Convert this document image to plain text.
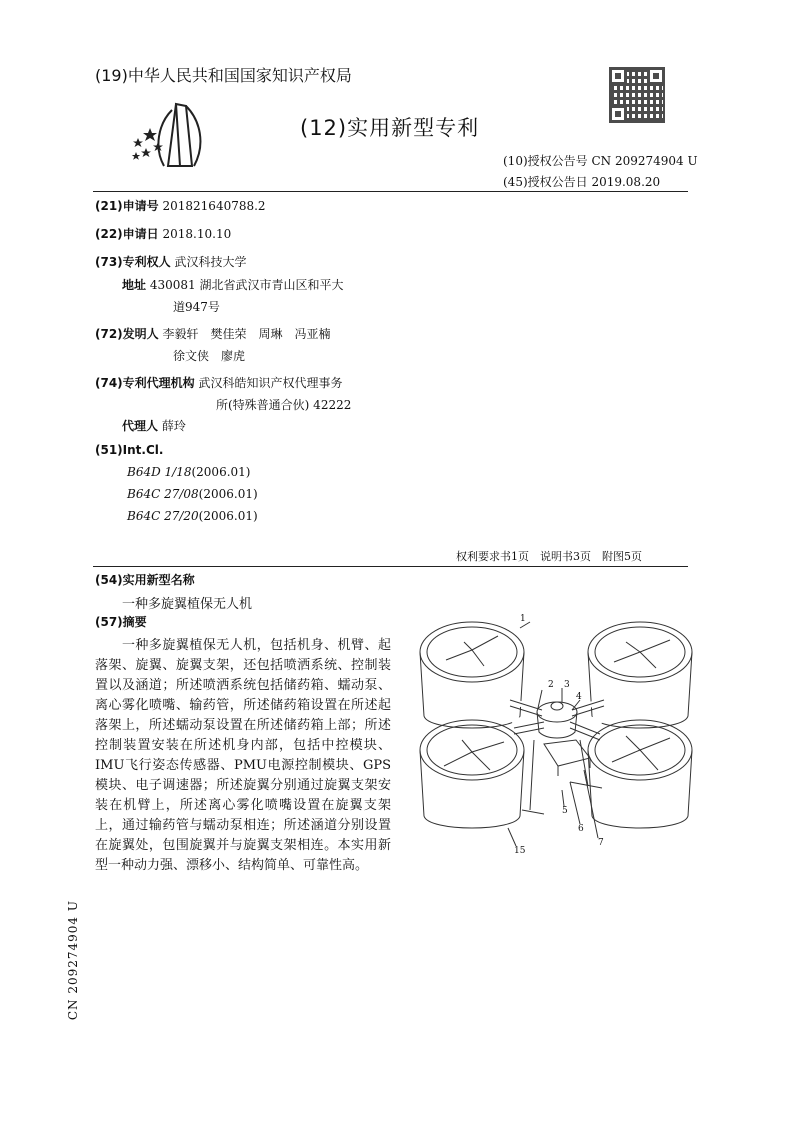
(19)中华人民共和国国家知识产权局
(12)实用新型专利
(10)授权公告号 CN 209274904 U
(45)授权公告日 2019.08.20
(21)申请号 201821640788.2
(22)申请日 2018.10.10
(73)专利权人 武汉科技大学
地址 430081 湖北省武汉市青山区和平大
道947号
(72)发明人 李毅轩　樊佳荣　周琳　冯亚楠
徐文侠　廖虎
(74)专利代理机构 武汉科皓知识产权代理事务
所(特殊普通合伙) 42222
代理人 薛玲
(51)Int.Cl.
B64D 1/18(2006.01)
B64C 27/08(2006.01)
B64C 27/20(2006.01)
权利要求书1页　说明书3页　附图5页
(54)实用新型名称
一种多旋翼植保无人机
(57)摘要
　　一种多旋翼植保无人机，包括机身、机臂、起落架、旋翼、旋翼支架，还包括喷洒系统、控制装置以及涵道；所述喷洒系统包括储药箱、蠕动泵、离心雾化喷嘴、输药管，所述储药箱设置在所述起落架上，所述蠕动泵设置在所述储药箱上部；所述控制装置安装在所述机身内部，包括中控模块、IMU飞行姿态传感器、PMU电源控制模块、GPS模块、电子调速器；所述旋翼分别通过旋翼支架安装在机臂上，所述离心雾化喷嘴设置在旋翼支架上，通过输药管与蠕动泵相连；所述涵道分别设置在旋翼处，包围旋翼并与旋翼支架相连。本实用新型一种动力强、漂移小、结构简单、可靠性高。
1
2 3
4
5
6
7
15
CN 209274904 U
